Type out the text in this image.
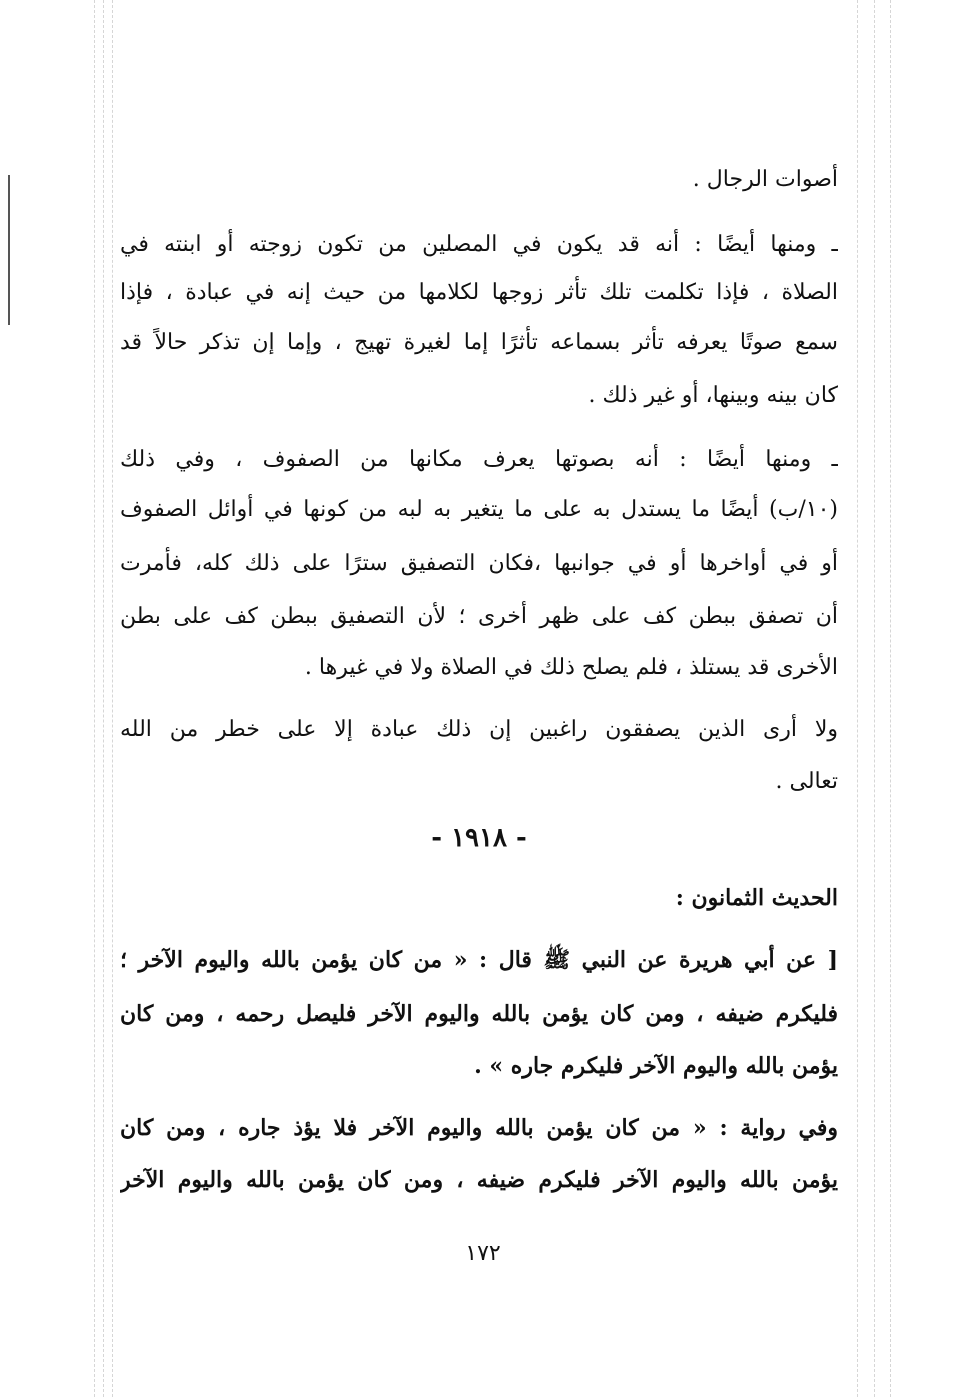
أصوات الرجال .
ـ ومنها أيضًا : أنه قد يكون في المصلين من تكون زوجته أو ابنته في
الصلاة ، فإذا تكلمت تلك تأثر زوجها لكلامها من حيث إنه في عبادة ، فإذا
سمع صوتًا يعرفه تأثر بسماعه تأثرًا إما لغيرة تهيج ، وإما إن تذكر حالاً قد
كان بينه وبينها، أو غير ذلك .
ـ ومنها أيضًا : أنه بصوتها يعرف مكانها من الصفوف ، وفي ذلك
(١٠/ب) أيضًا ما يستدل به على ما يتغير به لبه من كونها في أوائل الصفوف
أو في أواخرها أو في جوانبها ،فكان التصفيق سترًا على ذلك كله، فأمرت
أن تصفق ببطن كف على ظهر أخرى ؛ لأن التصفيق ببطن كف على بطن
الأخرى قد يستلذ ، فلم يصلح ذلك في الصلاة ولا في غيرها .
ولا أرى الذين يصفقون راغبين إن ذلك عبادة إلا على خطر من الله
تعالى .
- ١٩١٨ -
الحديث الثمانون :
[ عن أبي هريرة عن النبي ﷺ قال : « من كان يؤمن بالله واليوم الآخر ؛
فليكرم ضيفه ، ومن كان يؤمن بالله واليوم الآخر فليصل رحمه ، ومن كان
يؤمن بالله واليوم الآخر فليكرم جاره » .
وفي رواية : « من كان يؤمن بالله واليوم الآخر فلا يؤذ جاره ، ومن كان
يؤمن بالله واليوم الآخر فليكرم ضيفه ، ومن كان يؤمن بالله واليوم الآخر
١٧٢
